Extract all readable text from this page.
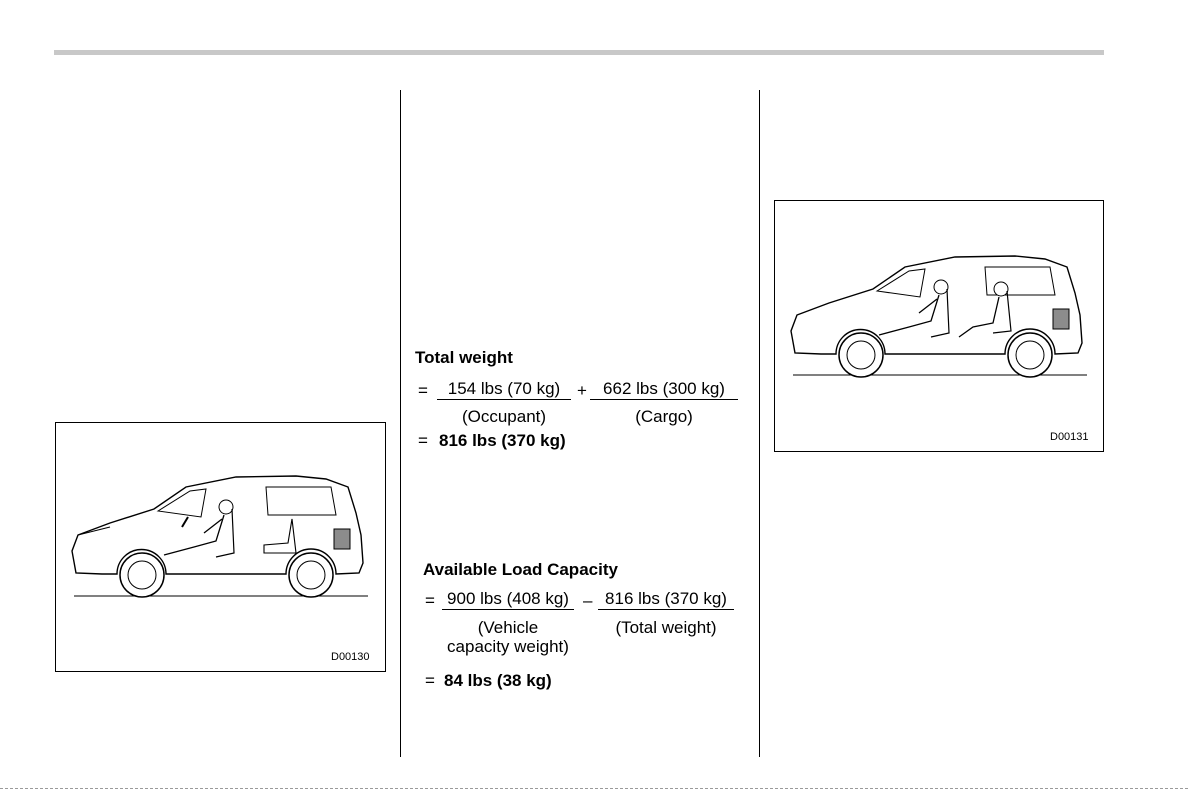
D00130
D00131
Total weight
=	154 lbs (70 kg) + 662 lbs (300 kg)
(Occupant)	(Cargo)
= 816 lbs (370 kg)
Available Load Capacity
= 900 lbs (408 kg) – 816 lbs (370 kg)
(Vehicle
capacity weight)
(Total weight)
= 84 lbs (38 kg)
